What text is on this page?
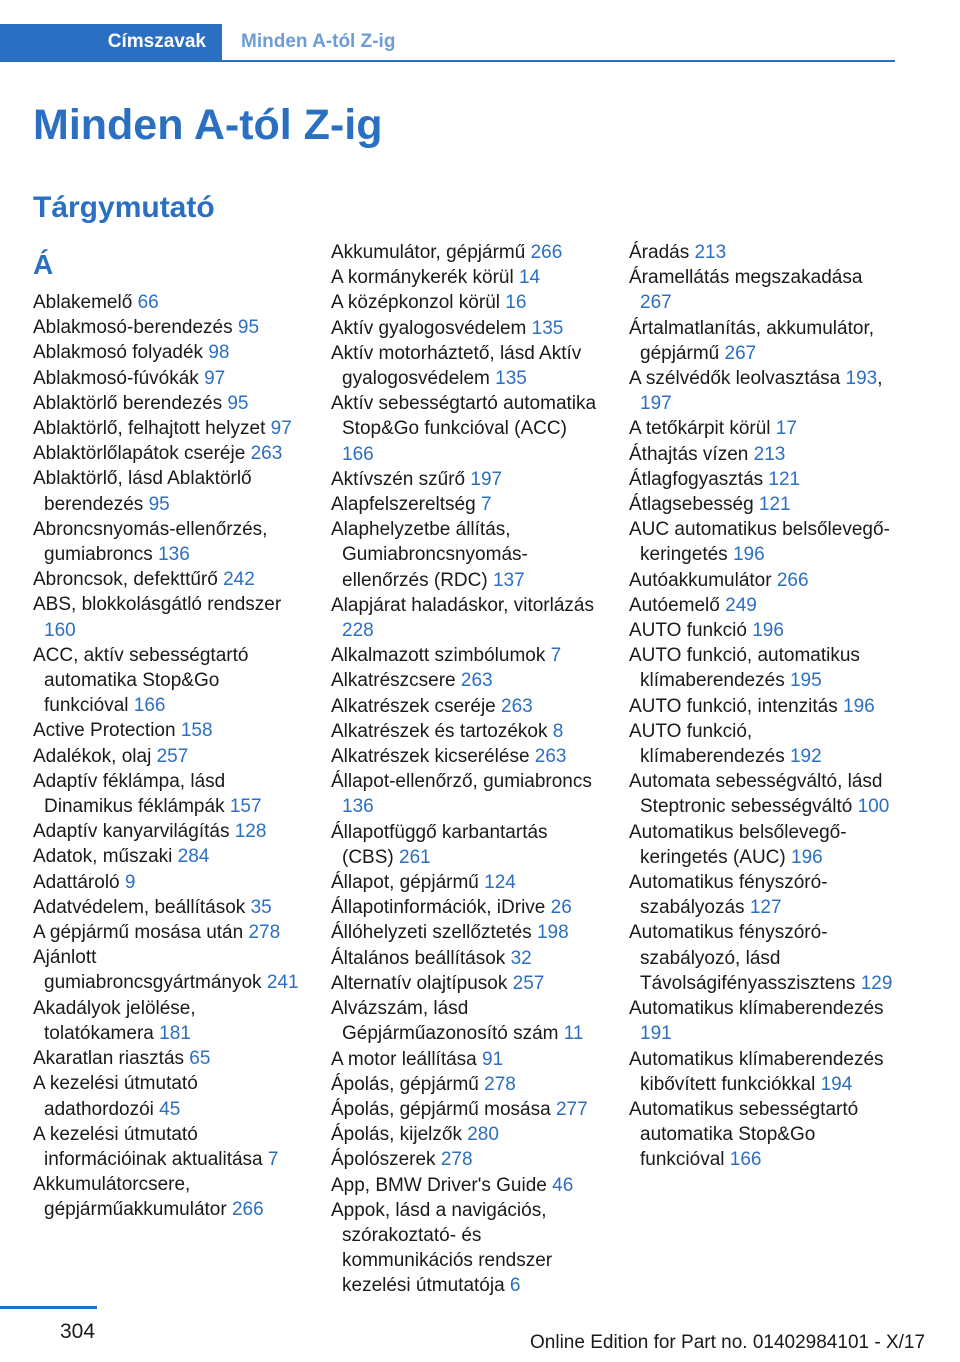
Címszavak	Minden A-tól Z-ig
Minden A-tól Z-ig
Tárgymutató
Á
Ablakemelő 66
Ablakmosó-berendezés 95
Ablakmosó folyadék 98
Ablakmosó-fúvókák 97
Ablaktörlő berendezés 95
Ablaktörlő, felhajtott helyzet 97
Ablaktörlőlapátok cseréje 263
Ablaktörlő, lásd Ablaktörlő berendezés 95
Abroncsnyomás-ellenőrzés, gumiabroncs 136
Abroncsok, defekttűrő 242
ABS, blokkolásgátló rendszer 160
ACC, aktív sebességtartó automatika Stop&Go funkcióval 166
Active Protection 158
Adalékok, olaj 257
Adaptív féklámpa, lásd Dinamikus féklámpák 157
Adaptív kanyarvilágítás 128
Adatok, műszaki 284
Adattároló 9
Adatvédelem, beállítások 35
A gépjármű mosása után 278
Ajánlott gumiabroncsgyártmányok 241
Akadályok jelölése, tolatókamera 181
Akaratlan riasztás 65
A kezelési útmutató adathordozói 45
A kezelési útmutató információinak aktualitása 7
Akkumulátorcsere, gépjárműakkumulátor 266
Akkumulátor, gépjármű 266
A kormánykerék körül 14
A középkonzol körül 16
Aktív gyalogosvédelem 135
Aktív motorháztető, lásd Aktív gyalogosvédelem 135
Aktív sebességtartó automatika Stop&Go funkcióval (ACC) 166
Aktívszén szűrő 197
Alapfelszereltség 7
Alaphelyzetbe állítás, Gumiabroncsnyomás-ellenőrzés (RDC) 137
Alapjárat haladáskor, vitorlázás 228
Alkalmazott szimbólumok 7
Alkatrészcsere 263
Alkatrészek cseréje 263
Alkatrészek és tartozékok 8
Alkatrészek kicserélése 263
Állapot-ellenőrző, gumiabroncs 136
Állapotfüggő karbantartás (CBS) 261
Állapot, gépjármű 124
Állapotinformációk, iDrive 26
Állóhelyzeti szellőztetés 198
Általános beállítások 32
Alternatív olajtípusok 257
Alvázszám, lásd Gépjárműazonosító szám 11
A motor leállítása 91
Ápolás, gépjármű 278
Ápolás, gépjármű mosása 277
Ápolás, kijelzők 280
Ápolószerek 278
App, BMW Driver's Guide 46
Appok, lásd a navigációs, szórakoztató- és kommunikációs rendszer kezelési útmutatója 6
Áradás 213
Áramellátás megszakadása 267
Ártalmatlanítás, akkumulátor, gépjármű 267
A szélvédők leolvasztása 193, 197
A tetőkárpit körül 17
Áthajtás vízen 213
Átlagfogyasztás 121
Átlagsebesség 121
AUC automatikus belsőlevegő-keringetés 196
Autóakkumulátor 266
Autóemelő 249
AUTO funkció 196
AUTO funkció, automatikus klímaberendezés 195
AUTO funkció, intenzitás 196
AUTO funkció, klímaberendezés 192
Automata sebességváltó, lásd Steptronic sebességváltó 100
Automatikus belsőlevegő-keringetés (AUC) 196
Automatikus fényszóró-szabályozás 127
Automatikus fényszóró-szabályozó, lásd Távolságifényasszisztens 129
Automatikus klímaberendezés 191
Automatikus klímaberendezés kibővített funkciókkal 194
Automatikus sebességtartó automatika Stop&Go funkcióval 166
304	Online Edition for Part no. 01402984101 - X/17
